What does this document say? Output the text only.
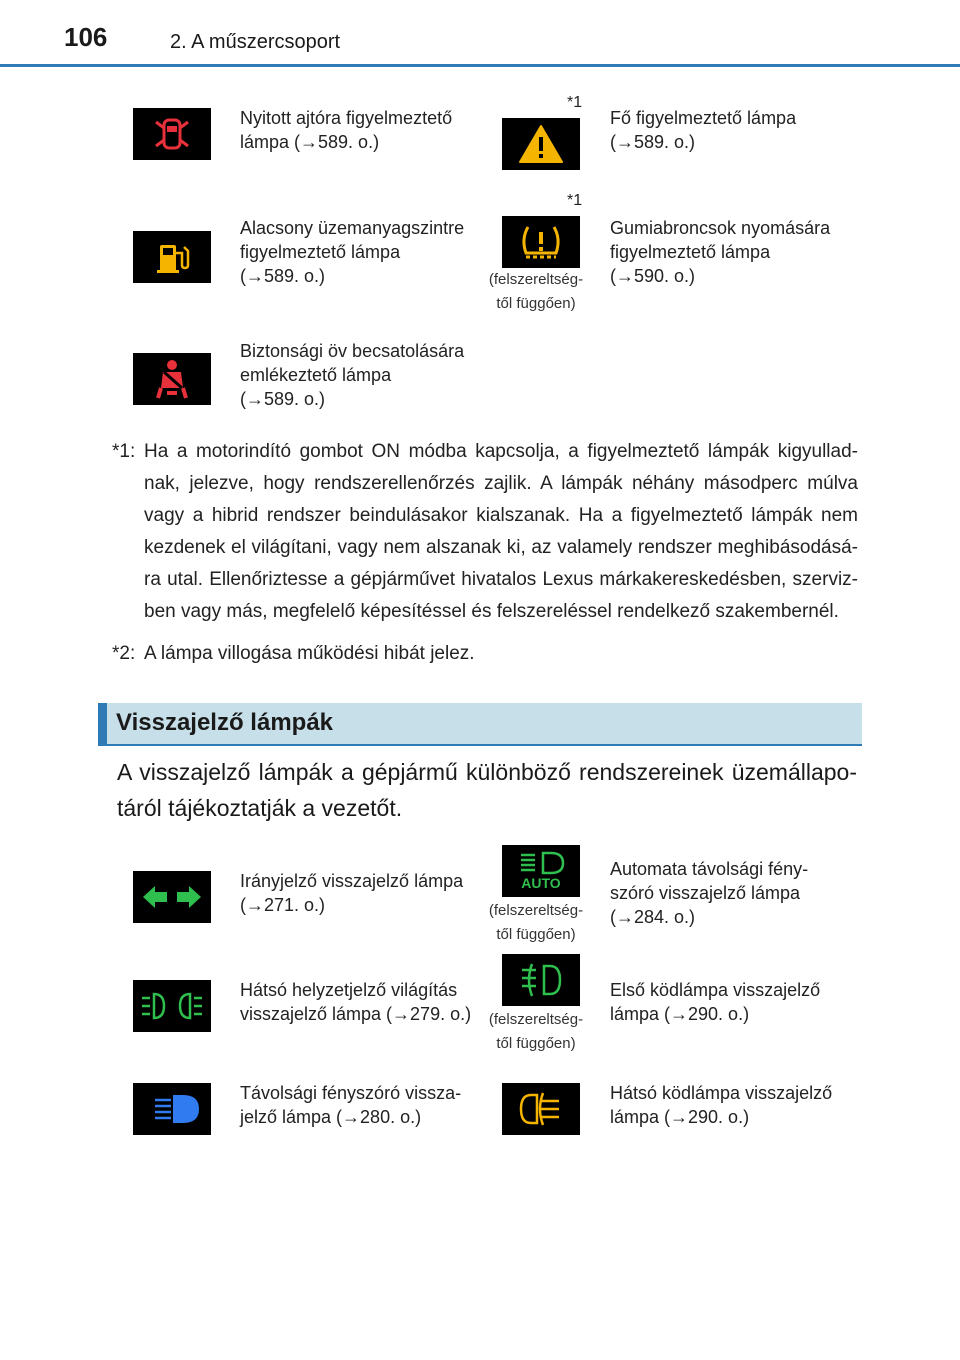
106	2. A műszercsoport
Nyitott ajtóra figyelmeztető
lámpa (→589. o.)
*1
Fő figyelmeztető lámpa
(→589. o.)
Alacsony üzemanyagszintre
figyelmeztető lámpa
(→589. o.)
*1
(felszereltség-
től függően)
Gumiabroncsok nyomására
figyelmeztető lámpa
(→590. o.)
Biztonsági öv becsatolására
emlékeztető lámpa
(→589. o.)
*1: Ha a motorindító gombot ON módba kapcsolja, a figyelmeztető lámpák kigyullad-nak, jelezve, hogy rendszerellenőrzés zajlik. A lámpák néhány másodperc múlva vagy a hibrid rendszer beindulásakor kialszanak. Ha a figyelmeztető lámpák nem kezdenek el világítani, vagy nem alszanak ki, az valamely rendszer meghibásodásá-ra utal. Ellenőriztesse a gépjárművet hivatalos Lexus márkakereskedésben, szerviz-ben vagy más, megfelelő képesítéssel és felszereléssel rendelkező szakembernél.
*2: A lámpa villogása működési hibát jelez.
Visszajelző lámpák
A visszajelző lámpák a gépjármű különböző rendszereinek üzemállapo-táról tájékoztatják a vezetőt.
Irányjelző visszajelző lámpa
(→271. o.)
AUTO
(felszereltség-
től függően)
Automata távolsági fény-
szóró visszajelző lámpa
(→284. o.)
Hátsó helyzetjelző világítás
visszajelző lámpa (→279. o.) (felszereltség-
től függően)
Első ködlámpa visszajelző
lámpa (→290. o.)
Távolsági fényszóró vissza-
jelző lámpa (→280. o.)
Hátsó ködlámpa visszajelző
lámpa (→290. o.)
